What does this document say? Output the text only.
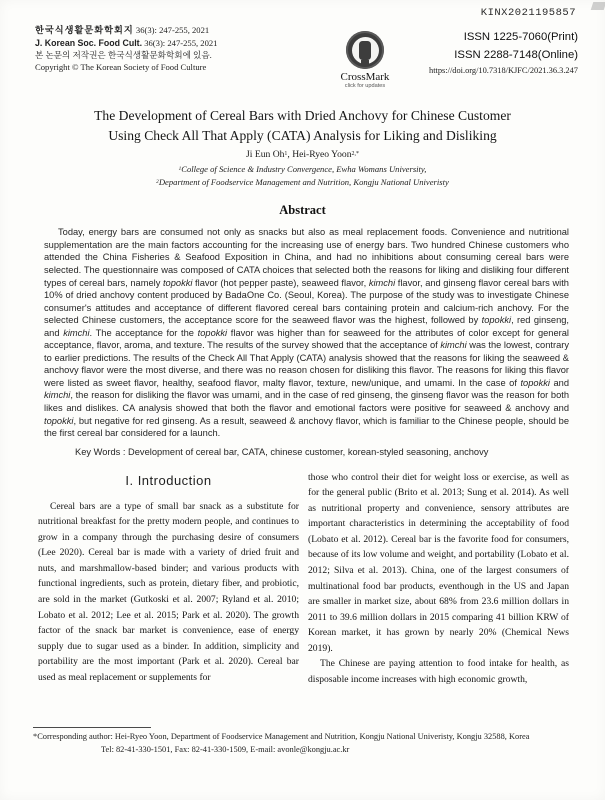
KINX2021195857
한국식생활문화학회지 36(3): 247-255, 2021
J. Korean Soc. Food Cult. 36(3): 247-255, 2021
본 논문의 저작권은 한국식생활문화학회에 있음.
Copyright © The Korean Society of Food Culture
CrossMark
click for updates
ISSN 1225-7060(Print)
ISSN 2288-7148(Online)
https://doi.org/10.7318/KJFC/2021.36.3.247
The Development of Cereal Bars with Dried Anchovy for Chinese Customer
Using Check All That Apply (CATA) Analysis for Liking and Disliking
Ji Eun Oh$^1$, Hei-Ryeo Yoon$^{2,*}$
$^1$College of Science & Industry Convergence, Ewha Womans University,
$^2$Department of Foodservice Management and Nutrition, Kongju National Univeristy
Abstract
Today, energy bars are consumed not only as snacks but also as meal replacement foods. Convenience and nutritional supplementation are the main factors accounting for the increasing use of energy bars. Two hundred Chinese customers who attended the China Fisheries & Seafood Exposition in China, and had no inhibitions about consuming cereal bars were selected. The questionnaire was composed of CATA choices that selected both the reasons for liking and disliking four different types of cereal bars, namely topokki flavor (hot pepper paste), seaweed flavor, kimchi flavor, and ginseng flavor cereal bars with 10% of dried anchovy content produced by BadaOne Co. (Seoul, Korea). The purpose of the study was to investigate Chinese consumer's attitudes and acceptance of different flavored cereal bars containing protein and calcium-rich anchovy. For the selected Chinese customers, the acceptance score for the seaweed flavor was the highest, followed by topokki, red ginseng, and kimchi. The acceptance for the topokki flavor was higher than for seaweed for the attributes of color except for general acceptance, flavor, aroma, and texture. The results of the survey showed that the acceptance of kimchi was the lowest, contrary to earlier predictions. The results of the Check All That Apply (CATA) analysis showed that the reasons for liking the seaweed & anchovy flavor were the most diverse, and there was no reason chosen for disliking this flavor. The reasons for liking this flavor were listed as sweet flavor, healthy, seafood flavor, malty flavor, texture, new/unique, and umami. In the case of topokki and kimchi, the reason for disliking the flavor was umami, and in the case of red ginseng, the ginseng flavor was the reason for both likes and dislikes. CA analysis showed that both the flavor and emotional factors were positive for seaweed & anchovy and topokki, but negative for red ginseng. As a result, seaweed & anchovy flavor, which is familiar to the Chinese people, should be the first cereal bar considered for a launch.
Key Words : Development of cereal bar, CATA, chinese customer, korean-styled seasoning, anchovy
I. Introduction

Cereal bars are a type of small bar snack as a substitute for nutritional breakfast for the pretty modern people, and continues to grow in a company through the purchasing desire of consumers (Lee 2020). Cereal bar is made with a variety of dried fruit and nuts, and marshmallow-based binder; and various products with functional ingredients, such as protein, dietary fiber, and probiotic, are sold in the market (Gutkoski et al. 2007; Ryland et al. 2010; Lobato et al. 2012; Lee et al. 2015; Park et al. 2020). The growth factor of the snack bar market is convenience, ease of energy supply due to sugar used as a binder. In addition, simplicity and portability are the most important (Park et al. 2020). Cereal bar used as meal replacement or supplements for

those who control their diet for weight loss or exercise, as well as for the general public (Brito et al. 2013; Sung et al. 2014). As well as nutritional property and convenience, sensory attributes are important characteristics in determining the acceptability of food (Lobato et al. 2012). Cereal bar is the favorite food for consumers, because of its low volume and weight, and portability (Lobato et al. 2012; Silva et al. 2013). China, one of the largest consumers of multinational food bar products, eventhough in the US and Japan are smaller in market size, about 68% from 23.6 million dollars in 2011 to 39.6 million dollars in 2015 comparing 41 billion KRW of Korean market, it has grown by nearly 20% (Chemical News 2019).

The Chinese are paying attention to food intake for health, as disposable income increases with high economic growth,

*Corresponding author: Hei-Ryeo Yoon, Department of Foodservice Management and Nutrition, Kongju National Univeristy, Kongju 32588, Korea
Tel: 82-41-330-1501, Fax: 82-41-330-1509, E-mail: avonle@kongju.ac.kr
